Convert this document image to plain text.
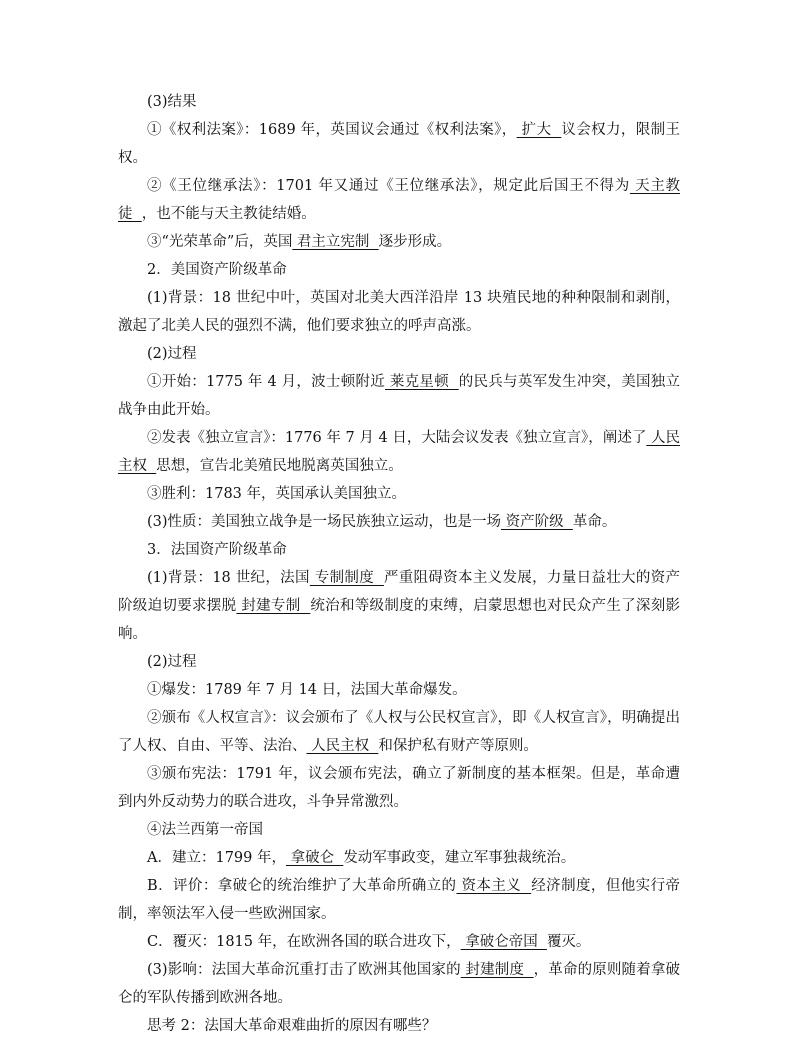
(3)结果

①《权利法案》：1689 年，英国议会通过《权利法案》， 扩大  议会权力，限制王权。

②《王位继承法》：1701 年又通过《王位继承法》，规定此后国王不得为 天主教徒  ，也不能与天主教徒结婚。

③“光荣革命”后，英国 君主立宪制  逐步形成。

2．美国资产阶级革命

(1)背景：18 世纪中叶，英国对北美大西洋沿岸 13 块殖民地的种种限制和剥削，激起了北美人民的强烈不满，他们要求独立的呼声高涨。

(2)过程

①开始：1775 年 4 月，波士顿附近 莱克星顿  的民兵与英军发生冲突，美国独立战争由此开始。

②发表《独立宣言》：1776 年 7 月 4 日，大陆会议发表《独立宣言》，阐述了 人民主权  思想，宣告北美殖民地脱离英国独立。

③胜利：1783 年，英国承认美国独立。

(3)性质：美国独立战争是一场民族独立运动，也是一场 资产阶级  革命。

3．法国资产阶级革命

(1)背景：18 世纪，法国 专制制度  严重阻碍资本主义发展，力量日益壮大的资产阶级迫切要求摆脱 封建专制  统治和等级制度的束缚，启蒙思想也对民众产生了深刻影响。

(2)过程

①爆发：1789 年 7 月 14 日，法国大革命爆发。

②颁布《人权宣言》：议会颁布了《人权与公民权宣言》，即《人权宣言》，明确提出了人权、自由、平等、法治、 人民主权  和保护私有财产等原则。

③颁布宪法：1791 年，议会颁布宪法，确立了新制度的基本框架。但是，革命遭到内外反动势力的联合进攻，斗争异常激烈。

④法兰西第一帝国

A．建立：1799 年， 拿破仑  发动军事政变，建立军事独裁统治。

B．评价：拿破仑的统治维护了大革命所确立的 资本主义  经济制度，但他实行帝制，率领法军入侵一些欧洲国家。

C．覆灭：1815 年，在欧洲各国的联合进攻下， 拿破仑帝国  覆灭。

(3)影响：法国大革命沉重打击了欧洲其他国家的 封建制度  ，革命的原则随着拿破仑的军队传播到欧洲各地。

思考 2：法国大革命艰难曲折的原因有哪些？
